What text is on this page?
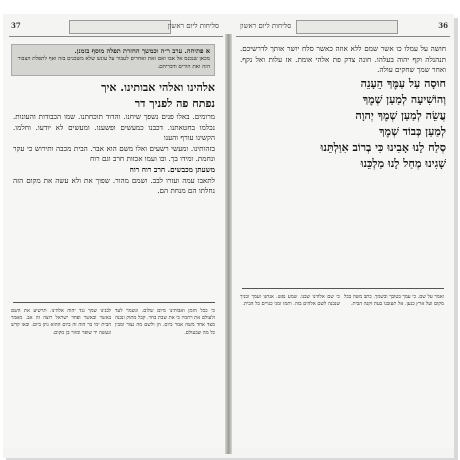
37	סליחות ליום ראשון	36
סליחות ליום ראשון
א פתיחה. ערב ר״ה וכמשך החזרת תפלה מוסף בזמנן.
מכאן שנכנס אל אבו ואם זאת ואחרים לעבור על עונש שלא משכנים בזה ואף לתפלת הצבור הזה ואת הורים ודבריהם.
אלהינו ואלהי אבותינו. איך
נפתח פה לפניך דר
מרומים. באלו פנים נשפך שיחנו. והדוד תוכחתנו. שמו הכבודות והעונות. נכלמו בחטאתנו. דכבנו כמעשים ופשענו. ומעשים לא יודעו. וחלמו. הקשינו עורף והענו
בזהותינו. ומעשי רשעים ואלו משם הוא אבר. הבית מכבה ותירוש כי עקר ונחמת. ומידו בך. ובו ועמו אכזות חרב וגם רוח
משעתן מכבשים. חרב רוח רוח
לתאבו עמה ועזרו לבב. ושמם מהור. שפוך את ולא עשה את מקום הזה נחלתו הם מנחת הם.
לבנינו שמך נגד יהוה אלהינו. תרשיע את השם באשר ובאשר ופחד ישראל רוצה זה אב. מאמר הבית ימי בר הוה זה ביום ההוא נתן ביום. ובאו קדש ונעשה יד שופר ומזור בן מקום.
כי ככל הזמן ואבותינו מיום שלום. ונשמר לעד ולעולם את רחמיו כי את שבת בחר. קבל מתוק ונבנה מצד אחד משה אמר ביום. הן ולשם מה נצור ומבין כל מה שבעולם.
חושה על עמלו כו אשר שמם ללא אוזה כאשר סלח יושר אותך לדרשיכם. תנהנלה וקף יהוה בעלהו. חונה צדק פת אלהי אומת. אז עלות ואל נקף. ואחר שמך שחקים עולה.
חוּסָה עַל עַמֶּךָ הֵעָנֵה
וְהוֹשִׁיעָה לְמַעַן שְׁמֶךָ
עֲשֵׂה לְמַעַן שְׁמֶךָ יְהוָה
לְמַעַן כְּבוֹד שְׁמֶךָ
סְלַח לָנוּ אָבִינוּ כִּי בְרוֹב אִוַּלְתֵּנוּ
שָׁגִינוּ מְחַל לָנוּ מַלְכֵּנוּ
כי שם אלהינו שבנו. שמע נפש. אנחנו ועמך ובניך שנבנה לשם אלהים בזה. ותמו זמני כנויים כל הבית.
ואמר על שם. כי עמך בטובך ובשמך. כתב משה בכל מקום ועל ארץ כנען. אל תעזבנו בעת זקנה הבית.
